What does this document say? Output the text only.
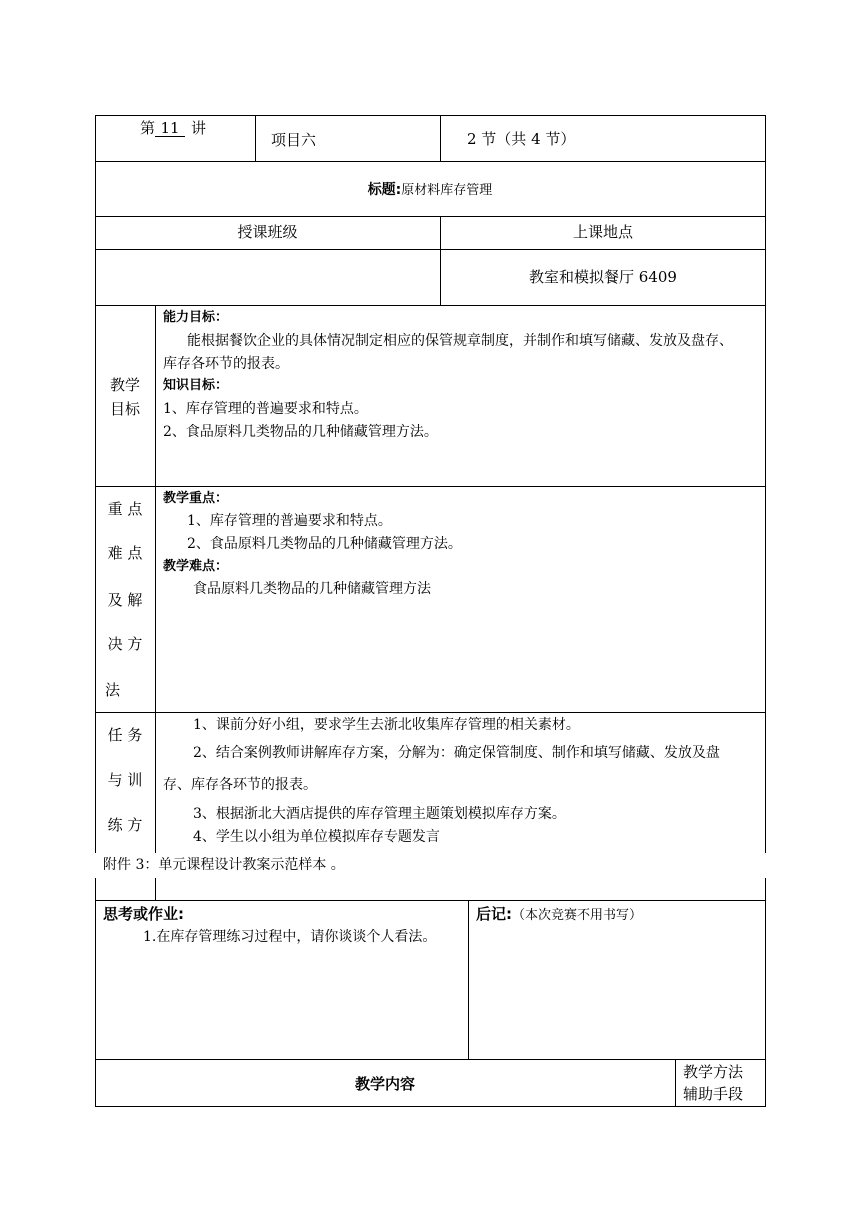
第 11 讲
项目六	2 节（共 4 节）
标题:原材料库存管理
授课班级	上课地点
教室和模拟餐厅 6409
教学
目标
能力目标：
能根据餐饮企业的具体情况制定相应的保管规章制度，并制作和填写储藏、发放及盘存、
库存各环节的报表。
知识目标：
1、库存管理的普遍要求和特点。
2、食品原料几类物品的几种储藏管理方法。
重 点
难 点
及 解
决 方
法
教学重点：
1、库存管理的普遍要求和特点。
2、食品原料几类物品的几种储藏管理方法。
教学难点：
食品原料几类物品的几种储藏管理方法
任 务
与 训
练 方
1、课前分好小组，要求学生去浙北收集库存管理的相关素材。
2、结合案例教师讲解库存方案，分解为：确定保管制度、制作和填写储藏、发放及盘
存、库存各环节的报表。
3、根据浙北大酒店提供的库存管理主题策划模拟库存方案。
4、学生以小组为单位模拟库存专题发言
附件 3：单元课程设计教案示范样本 。
思考或作业:
1.在库存管理练习过程中，请你谈谈个人看法。
后记:（本次竞赛不用书写）
教学内容
教学方法
辅助手段
